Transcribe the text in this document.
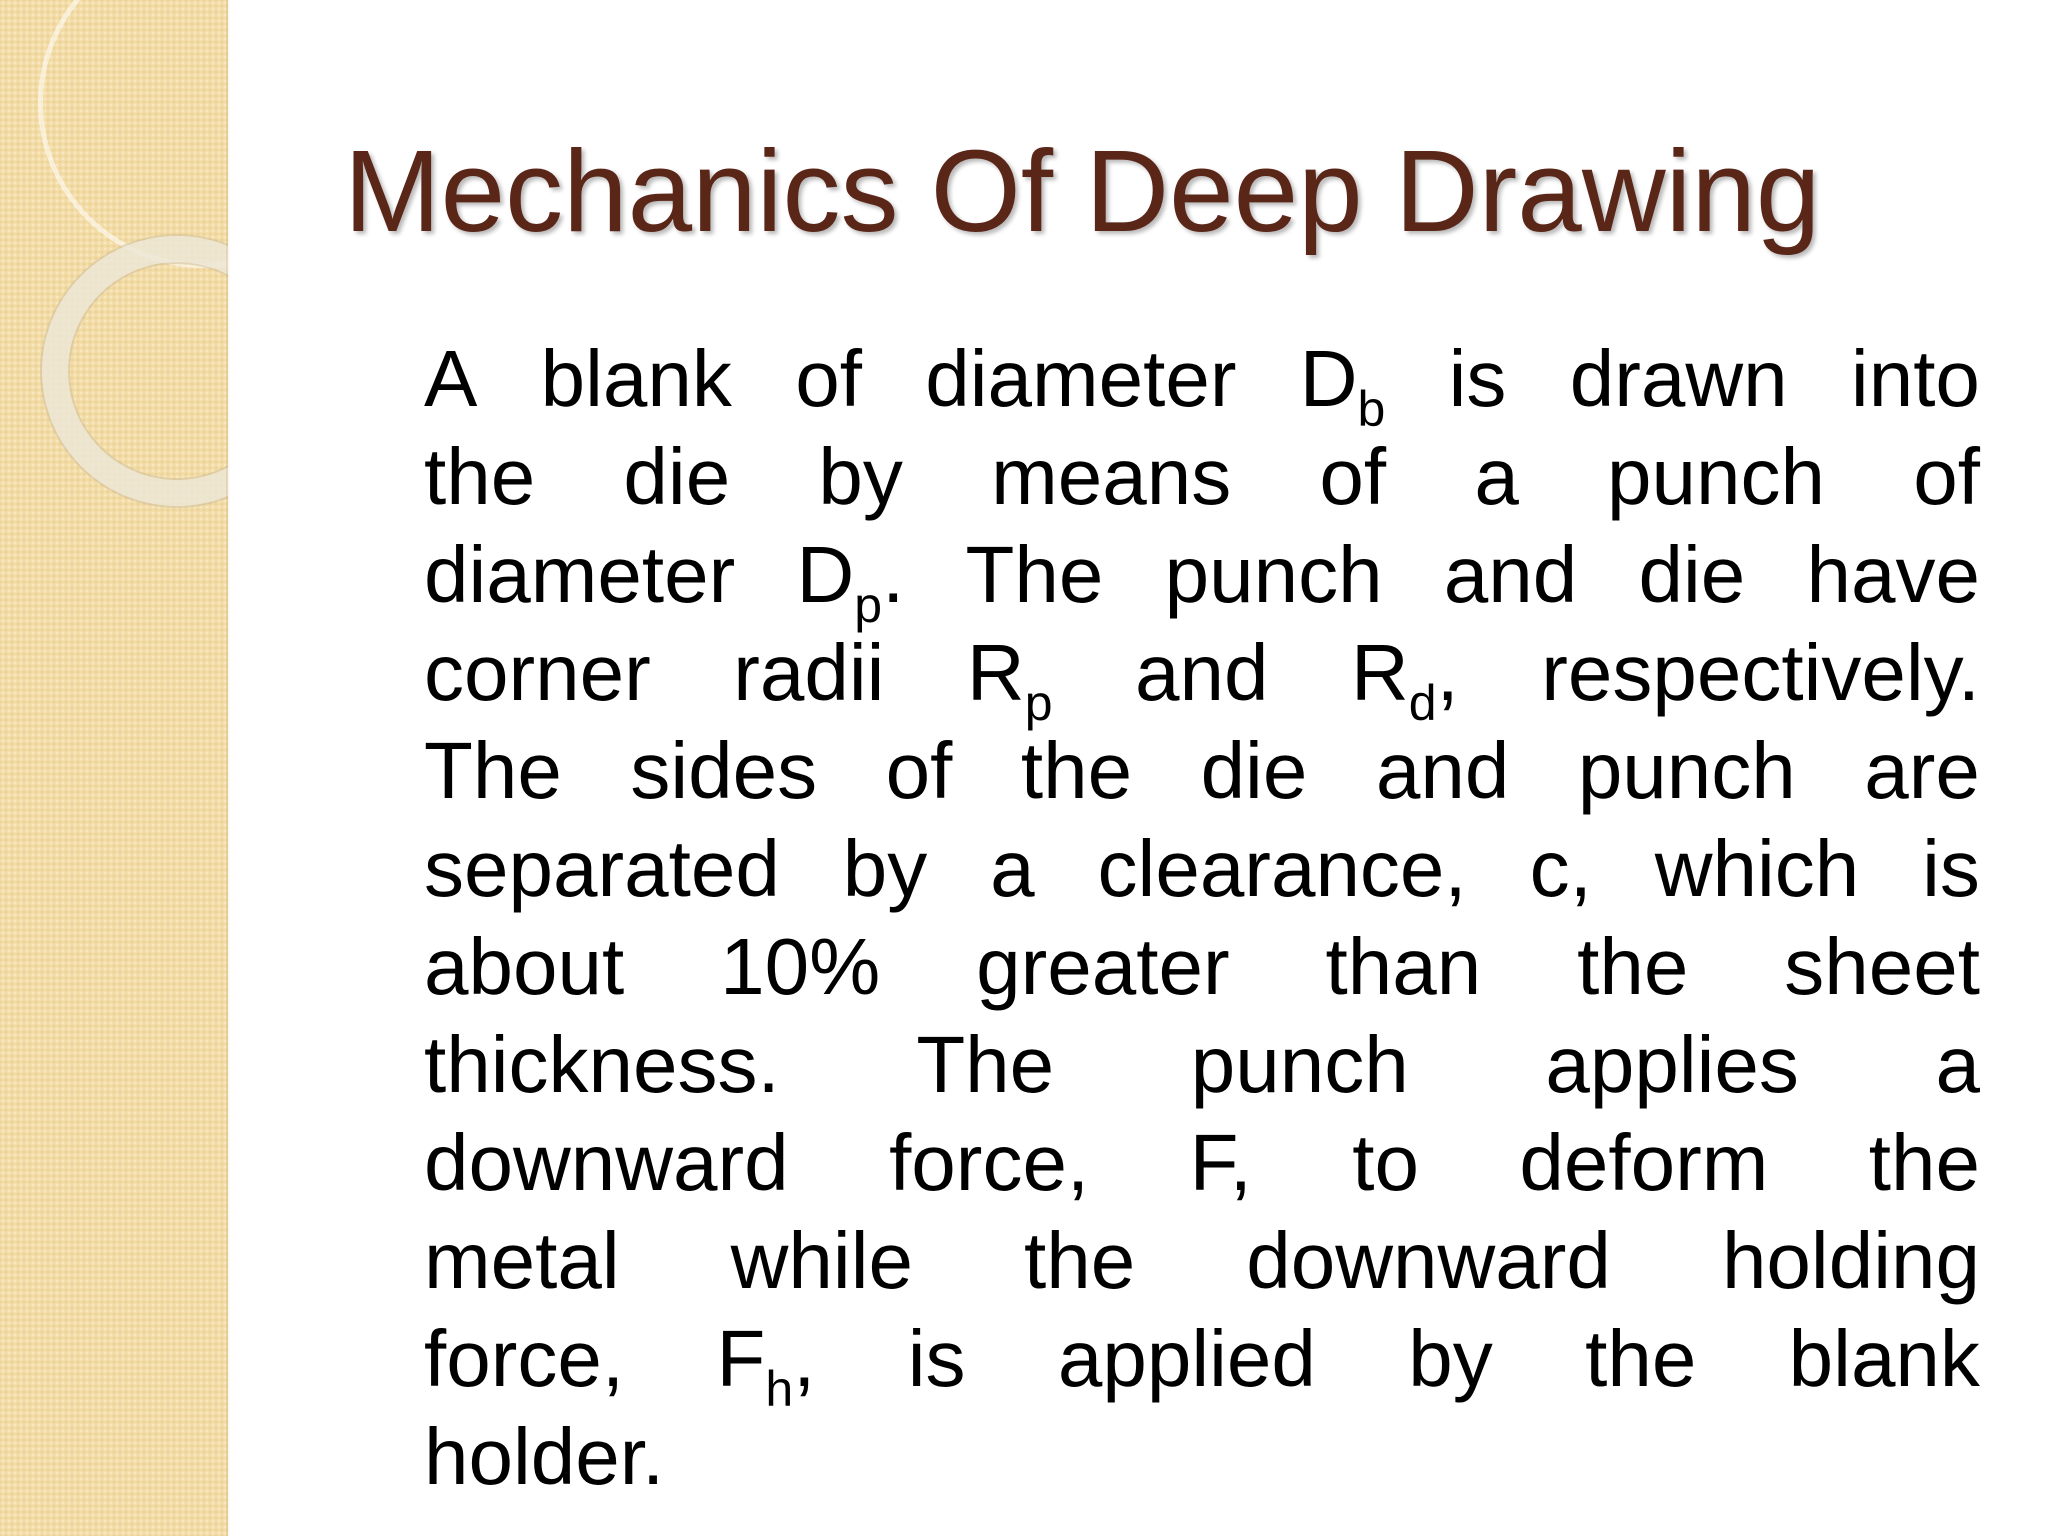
Mechanics Of Deep Drawing
A blank of diameter $D_b$ is drawn into
the die by means of a punch of
diameter $D_p$. The punch and die have
corner radii $R_p$ and $R_d$, respectively.
The sides of the die and punch are
separated by a clearance, c, which is
about 10% greater than the sheet
thickness. The punch applies a
downward force, F, to deform the
metal while the downward holding
force, $F_h$, is applied by the blank
holder.
